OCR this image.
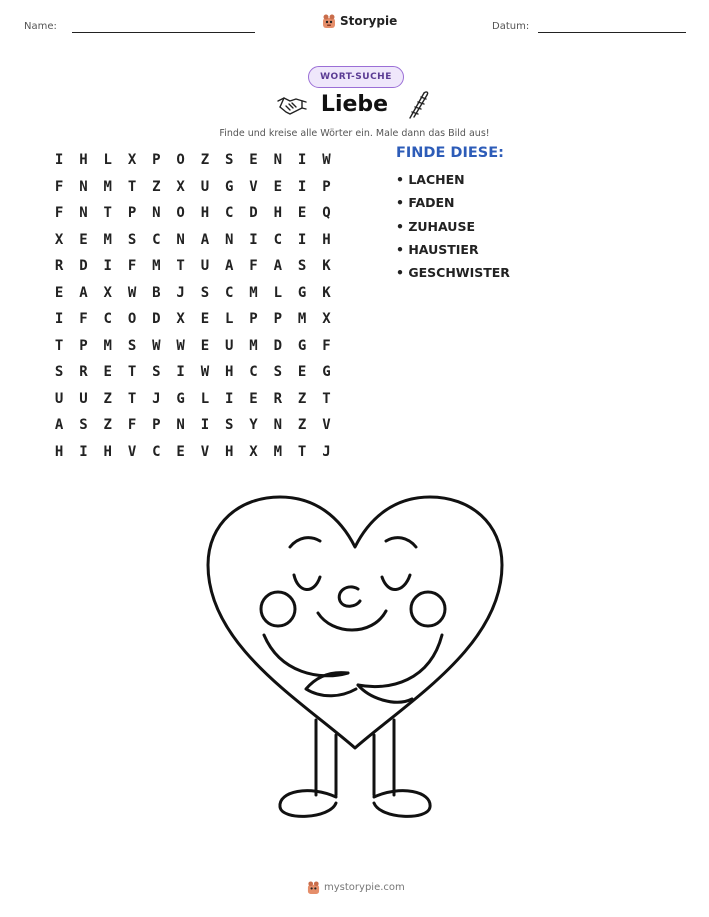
Name:	Storypie	Datum:
WORT-SUCHE
Liebe
Finde und kreise alle Wörter ein. Male dann das Bild aus!
I	H	L	X	P	O	Z	S	E	N	I	W
F	N	M	T	Z	X	U	G	V	E	I	P
F	N	T	P	N	O	H	C	D	H	E	Q
X	E	M	S	C	N	A	N	I	C	I	H
R	D	I	F	M	T	U	A	F	A	S	K
E	A	X	W	B	J	S	C	M	L	G	K
I	F	C	O	D	X	E	L	P	P	M	X
T	P	M	S	W	W	E	U	M	D	G	F
S	R	E	T	S	I	W	H	C	S	E	G
U	U	Z	T	J	G	L	I	E	R	Z	T
A	S	Z	F	P	N	I	S	Y	N	Z	V
H	I	H	V	C	E	V	H	X	M	T	J
FINDE DIESE:
• LACHEN
• FADEN
• ZUHAUSE
• HAUSTIER
• GESCHWISTER
mystorypie.com
